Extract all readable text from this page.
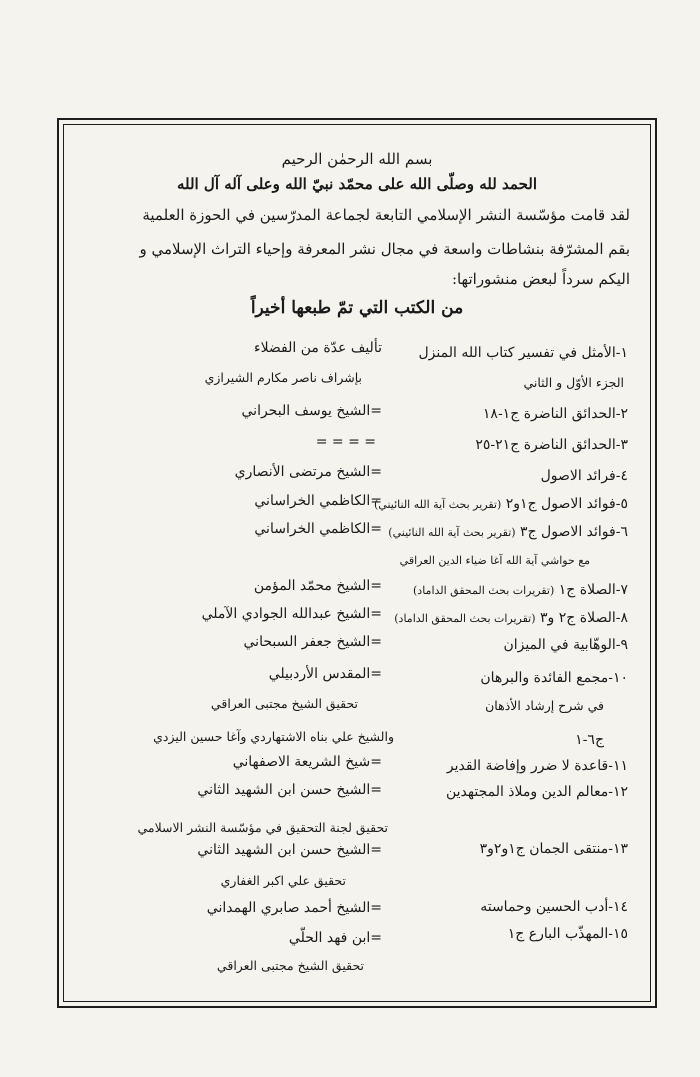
بسم الله الرحمٰن الرحيم
الحمد لله وصلّى الله على محمّد نبيّ الله وعلى آله آل الله
لقد قامت مؤسّسة النشر الإسلامي التابعة لجماعة المدرّسين في الحوزة العلمية
بقم المشرّفة بنشاطات واسعة في مجال نشر المعرفة وإحياء التراث الإسلامي و
اليكم سرداً لبعض منشوراتها:
من الكتب التي تمّ طبعها أخيراً
١-الأمثل في تفسير كتاب الله المنزل
تأليف عدّة من الفضلاء
الجزء الأوّل و الثاني
بإشراف ناصر مكارم الشيرازي
٢-الحدائق الناضرة ج١-١٨
=الشيخ يوسف البحراني
٣-الحدائق الناضرة ج٢١-٢٥
= = = =
٤-فرائد الاصول
=الشيخ مرتضى الأنصاري
٥-فوائد الاصول ج١و٢ (تقرير بحث آية الله النائيني)
=الكاظمي الخراساني
٦-فوائد الاصول ج٣ (تقرير بحث آية الله النائيني)
=الكاظمي الخراساني
مع حواشي آية الله آغا ضياء الدين العراقي
٧-الصلاة ج١ (تقريرات بحث المحقق الداماد)
=الشيخ محمّد المؤمن
٨-الصلاة ج٢ و٣ (تقريرات بحث المحقق الداماد)
=الشيخ عبدالله الجوادي الآملي
٩-الوهّابية في الميزان
=الشيخ جعفر السبحاني
١٠-مجمع الفائدة والبرهان
=المقدس الأردبيلي
في شرح إرشاد الأذهان
تحقيق الشيخ مجتبى العراقي
ج٦-١
والشيخ علي بناه الاشتهاردي وآغا حسين اليزدي
١١-قاعدة لا ضرر وإفاضة القدير
=شيخ الشريعة الاصفهاني
١٢-معالم الدين وملاذ المجتهدين
=الشيخ حسن ابن الشهيد الثاني
تحقيق لجنة التحقيق في مؤسّسة النشر الاسلامي
١٣-منتقى الجمان ج١و٢و٣
=الشيخ حسن ابن الشهيد الثاني
تحقيق علي اكبر الغفاري
١٤-أدب الحسين وحماسته
=الشيخ أحمد صابري الهمداني
١٥-المهذّب البارع ج١
=ابن فهد الحلّي
تحقيق الشيخ مجتبى العراقي
